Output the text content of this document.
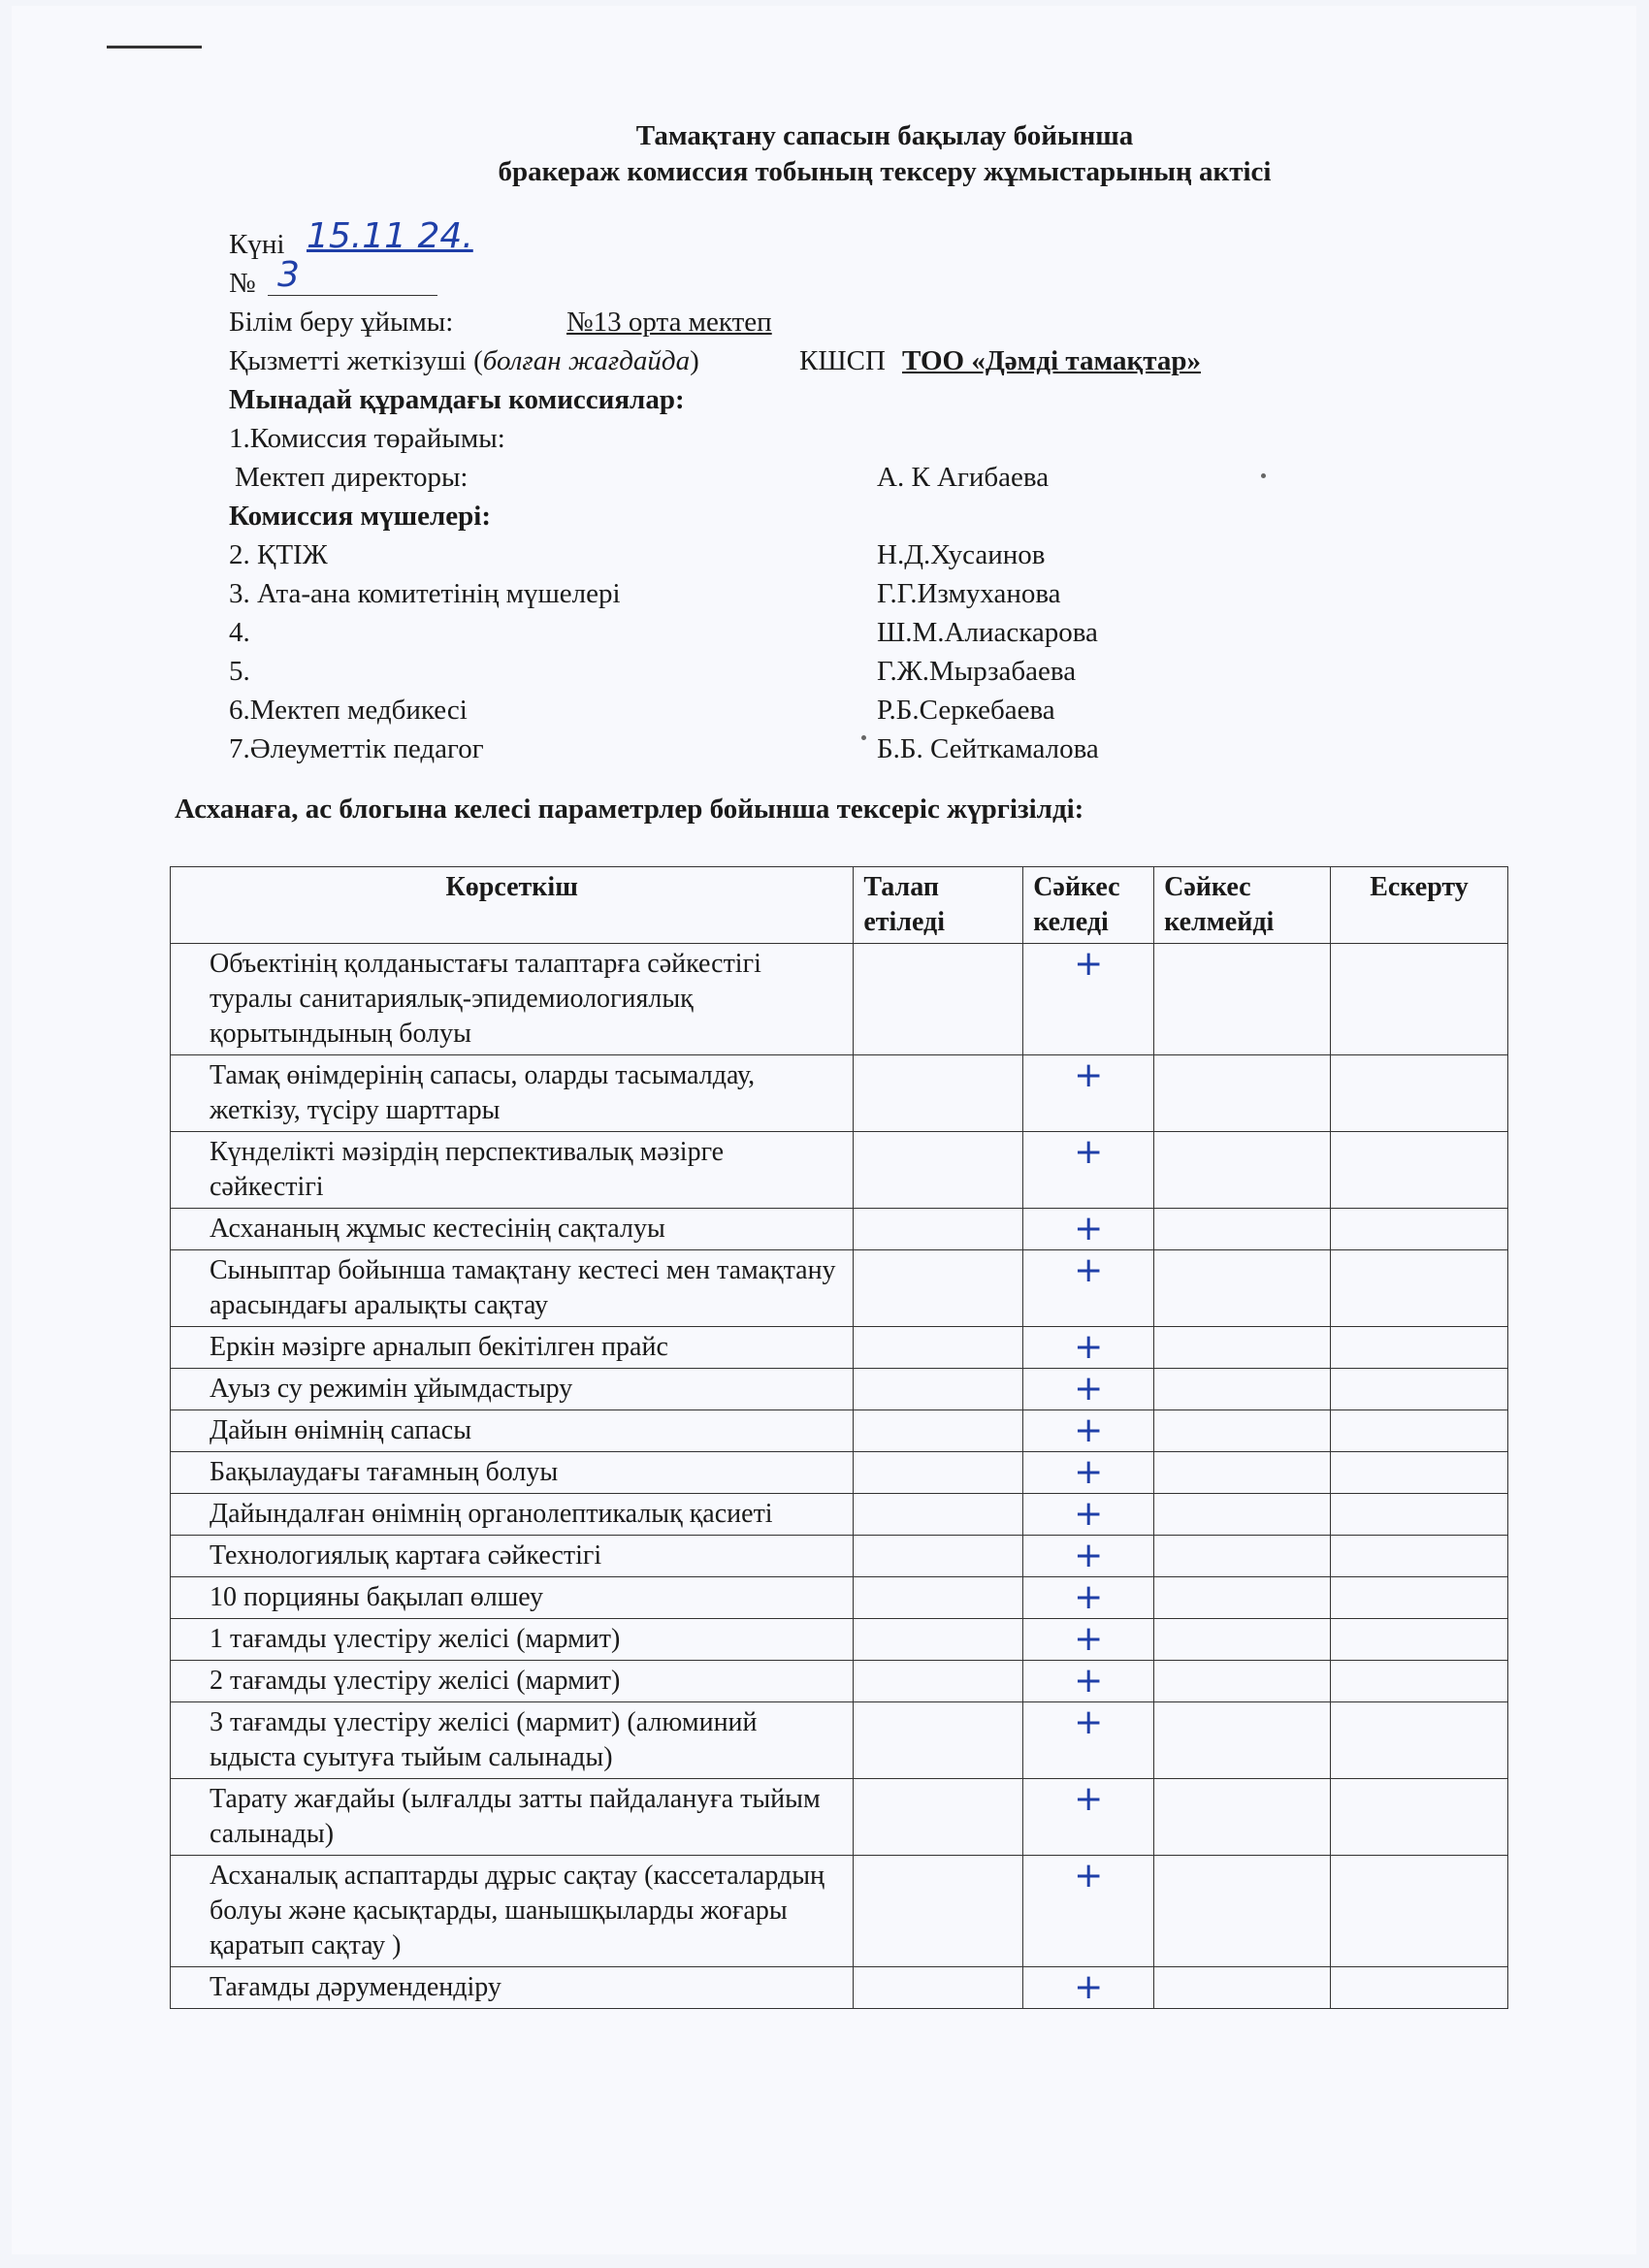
Тамақтану сапасын бақылау бойынша
бракераж комиссия тобының тексеру жұмыстарының актісі
Күні 15.11 24.
№ 3
Білім беру ұйымы:	№13 орта мектеп
Қызметті жеткізуші (болған жағдайда)	КШСП ТОО «Дәмді тамақтар»
Мынадай құрамдағы комиссиялар:
1.Комиссия төрайымы:
Мектеп директоры:	А. К Агибаева
Комиссия мүшелері:
2. ҚТІЖ	Н.Д.Хусаинов
3. Ата-ана комитетінің мүшелері	Г.Г.Измуханова
4.	Ш.М.Алиаскарова
5.	Г.Ж.Мырзабаева
6.Мектеп медбикесі	Р.Б.Серкебаева
7.Әлеуметтік педагог	Б.Б. Сейткамалова
Асханаға, ас блогына келесі параметрлер бойынша тексеріс жүргізілді:
Көрсеткіш	Талап етіледі	Сәйкес келеді	Сәйкес келмейді	Ескерту
Объектінің қолданыстағы талаптарға сәйкестігі туралы санитариялық-эпидемиологиялық қорытындының болуы		+		
Тамақ өнімдерінің сапасы, оларды тасымалдау, жеткізу, түсіру шарттары		+		
Күнделікті мәзірдің перспективалық мәзірге сәйкестігі		+		
Асхананың жұмыс кестесінің сақталуы		+		
Сыныптар бойынша тамақтану кестесі мен тамақтану арасындағы аралықты сақтау		+		
Еркін мәзірге арналып бекітілген прайс		+		
Ауыз су режимін ұйымдастыру		+		
Дайын өнімнің сапасы		+		
Бақылаудағы тағамның болуы		+		
Дайындалған өнімнің органолептикалық қасиеті		+		
Технологиялық картаға сәйкестігі		+		
10 порцияны бақылап өлшеу		+		
1 тағамды үлестіру желісі (мармит)		+		
2 тағамды үлестіру желісі (мармит)		+		
3 тағамды үлестіру желісі (мармит) (алюминий ыдыста суытуға тыйым салынады)		+		
Тарату жағдайы (ылғалды затты пайдалануға тыйым салынады)		+		
Асханалық аспаптарды дұрыс сақтау (кассеталардың болуы және қасықтарды, шанышқыларды жоғары қаратып сақтау )		+		
Тағамды дәрумендендіру		+		
